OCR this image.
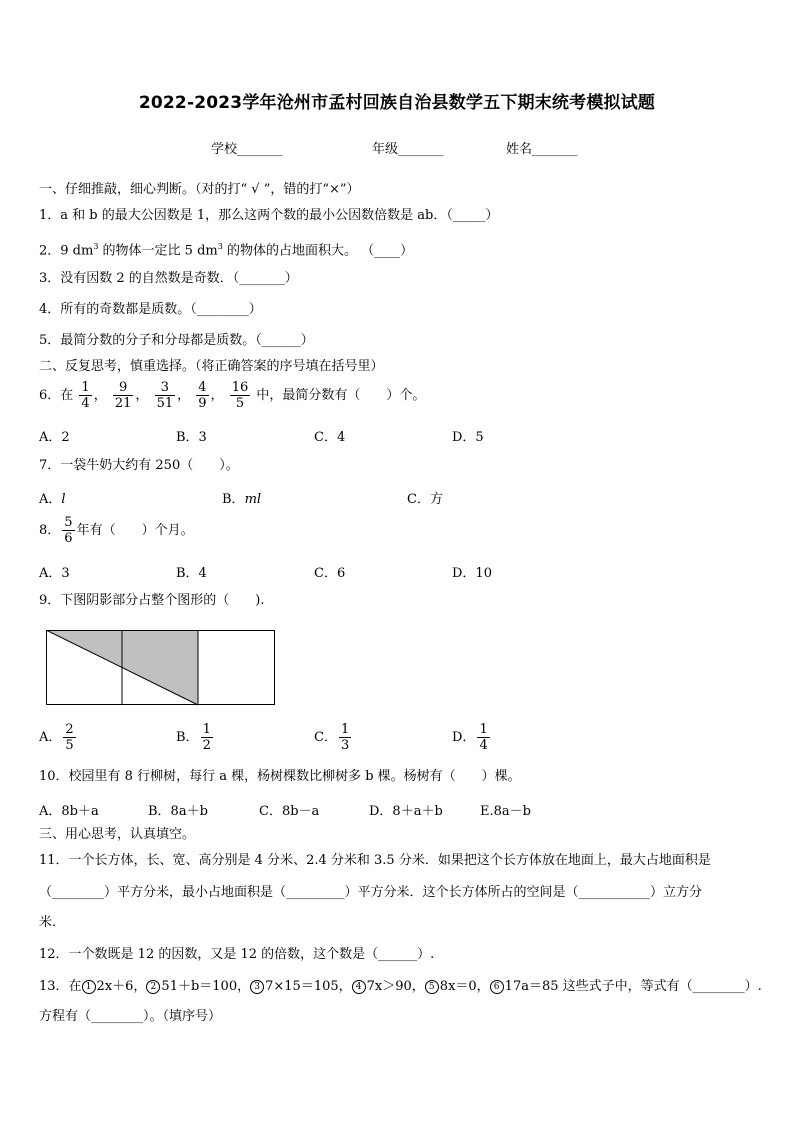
2022-2023学年沧州市孟村回族自治县数学五下期末统考模拟试题
学校_______	年级_______	姓名_______
一、仔细推敲，细心判断。（对的打“ √ ”，错的打“×”）
1．a 和 b 的最大公因数是 1，那么这两个数的最小公因数倍数是 ab．（_____）
2．9 $dm^3$ 的物体一定比 5 $dm^3$ 的物体的占地面积大。 （____）
3．没有因数 2 的自然数是奇数．（_______）
4．所有的奇数都是质数。（________）
5．最简分数的分子和分母都是质数。（______）
二、反复思考，慎重选择。（将正确答案的序号填在括号里）
6．在 $\frac{1}{4}$ ， $\frac{9}{21}$ ， $\frac{3}{51}$ ， $\frac{4}{9}$ ， $\frac{16}{5}$ 中，最简分数有（　　）个。
A．2	B．3	C．4	D．5
7．一袋牛奶大约有 250（　　）。
A．l	B．ml	C．方
8． $\frac{5}{6}$ 年有（　　）个月。
A．3	B．4	C．6	D．10
9．下图阴影部分占整个图形的（　　).
A． $\frac{2}{5}$	B． $\frac{1}{2}$	C． $\frac{1}{3}$	D． $\frac{1}{4}$
10．校园里有 8 行柳树，每行 a 棵，杨树棵数比柳树多 b 棵。杨树有（　　）棵。
A．8b＋a	B．8a＋b	C．8b－a	D．8＋a＋b	E.8a－b
三、用心思考，认真填空。
11．一个长方体，长、宽、高分别是 4 分米、2.4 分米和 3.5 分米．如果把这个长方体放在地面上，最大占地面积是
（________）平方分米，最小占地面积是（_________）平方分米．这个长方体所占的空间是（___________）立方分
米．
12．一个数既是 12 的因数，又是 12 的倍数，这个数是（______）.
13．在 1 2x＋6， 2 51＋b＝100， 3 7×15＝105， 4 7x＞90， 5 8x＝0， 6 17a＝85 这些式子中，等式有（________）.
方程有（________）。（填序号）
